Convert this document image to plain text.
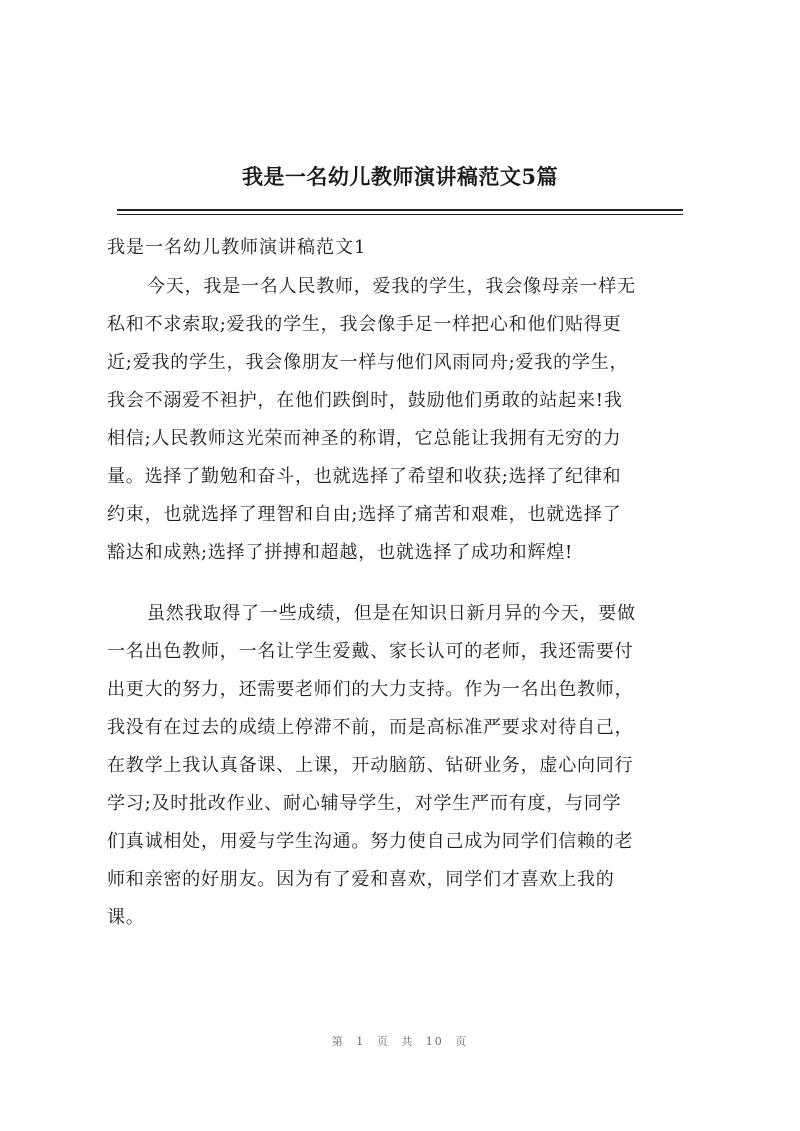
我是一名幼儿教师演讲稿范文5篇
我是一名幼儿教师演讲稿范文1
今天，我是一名人民教师，爱我的学生，我会像母亲一样无
私和不求索取;爱我的学生，我会像手足一样把心和他们贴得更
近;爱我的学生，我会像朋友一样与他们风雨同舟;爱我的学生，
我会不溺爱不袒护，在他们跌倒时，鼓励他们勇敢的站起来!我
相信;人民教师这光荣而神圣的称谓，它总能让我拥有无穷的力
量。选择了勤勉和奋斗，也就选择了希望和收获;选择了纪律和
约束，也就选择了理智和自由;选择了痛苦和艰难，也就选择了
豁达和成熟;选择了拼搏和超越，也就选择了成功和辉煌!
虽然我取得了一些成绩，但是在知识日新月异的今天，要做
一名出色教师，一名让学生爱戴、家长认可的老师，我还需要付
出更大的努力，还需要老师们的大力支持。作为一名出色教师，
我没有在过去的成绩上停滞不前，而是高标准严要求对待自己，
在教学上我认真备课、上课，开动脑筋、钻研业务，虚心向同行
学习;及时批改作业、耐心辅导学生，对学生严而有度，与同学
们真诚相处，用爱与学生沟通。努力使自己成为同学们信赖的老
师和亲密的好朋友。因为有了爱和喜欢，同学们才喜欢上我的
课。
第 1 页 共 10 页
